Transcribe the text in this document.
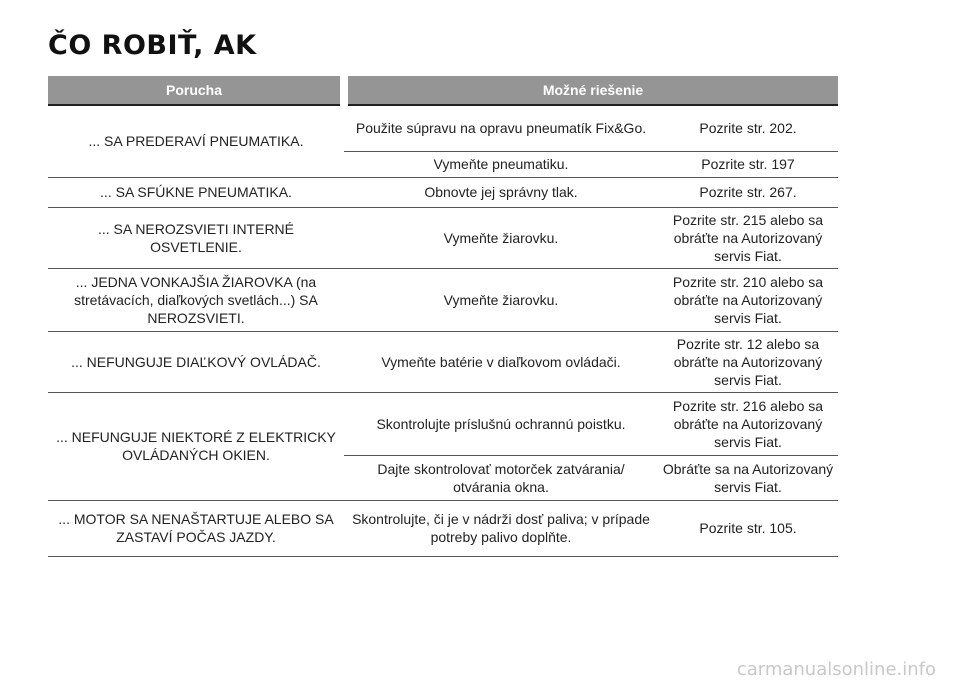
ČO ROBIŤ, AK
Porucha	Možné riešenie	
... SA PREDERAVÍ PNEUMATIKA.	Použite súpravu na opravu pneumatík Fix&Go.	Pozrite str. 202.
	Vymeňte pneumatiku.	Pozrite str. 197
... SA SFÚKNE PNEUMATIKA.	Obnovte jej správny tlak.	Pozrite str. 267.
... SA NEROZSVIETI INTERNÉ OSVETLENIE.	Vymeňte žiarovku.	Pozrite str. 215 alebo sa obráťte na Autorizovaný servis Fiat.
... JEDNA VONKAJŠIA ŽIAROVKA (na stretávacích, diaľkových svetlách...) SA NEROZSVIETI.	Vymeňte žiarovku.	Pozrite str. 210 alebo sa obráťte na Autorizovaný servis Fiat.
... NEFUNGUJE DIAĽKOVÝ OVLÁDAČ.	Vymeňte batérie v diaľkovom ovládači.	Pozrite str. 12 alebo sa obráťte na Autorizovaný servis Fiat.
... NEFUNGUJE NIEKTORÉ Z ELEKTRICKY OVLÁDANÝCH OKIEN.	Skontrolujte príslušnú ochrannú poistku.	Pozrite str. 216 alebo sa obráťte na Autorizovaný servis Fiat.
	Dajte skontrolovať motorček zatvárania/ otvárania okna.	Obráťte sa na Autorizovaný servis Fiat.
... MOTOR SA NENAŠTARTUJE ALEBO SA ZASTAVÍ POČAS JAZDY.	Skontrolujte, či je v nádrži dosť paliva; v prípade potreby palivo doplňte.	Pozrite str. 105.
carmanualsonline.info
